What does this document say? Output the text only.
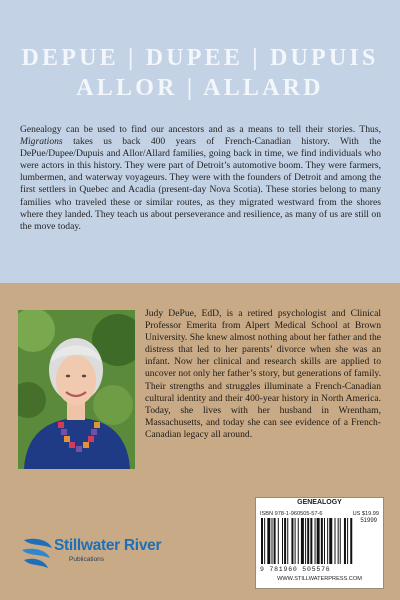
DEPUE | DUPEE | DUPUIS
ALLOR | ALLARD

Genealogy can be used to find our ancestors and as a means to tell their stories. Thus, Migrations takes us back 400 years of French-Canadian history. With the DePue/Dupee/Dupuis and Allor/Allard families, going back in time, we find individuals who were actors in this history. They were part of Detroit’s automotive boom. They were farmers, lumbermen, and waterway voyageurs. They were with the founders of Detroit and among the first settlers in Quebec and Acadia (present-day Nova Scotia). These stories belong to many families who traveled these or similar routes, as they migrated westward from the shores where they landed. They teach us about perseverance and resilience, as many of us are still on the move today.

Judy DePue, EdD, is a retired psychologist and Clinical Professor Emerita from Alpert Medical School at Brown University. She knew almost nothing about her father and the distress that led to her parents’ divorce when she was an infant. Now her clinical and research skills are applied to uncover not only her father’s story, but generations of family. Their strengths and struggles illuminate a French-Canadian cultural identity and their 400-year history in North America. Today, she lives with her husband in Wrentham, Massachusetts, and today she can see evidence of a French-Canadian legacy all around.

GENEALOGY
ISBN 978-1-960505-57-6	US $19.99
51999
9 781960 505576
WWW.STILLWATERPRESS.COM
Stillwater River
Publications
